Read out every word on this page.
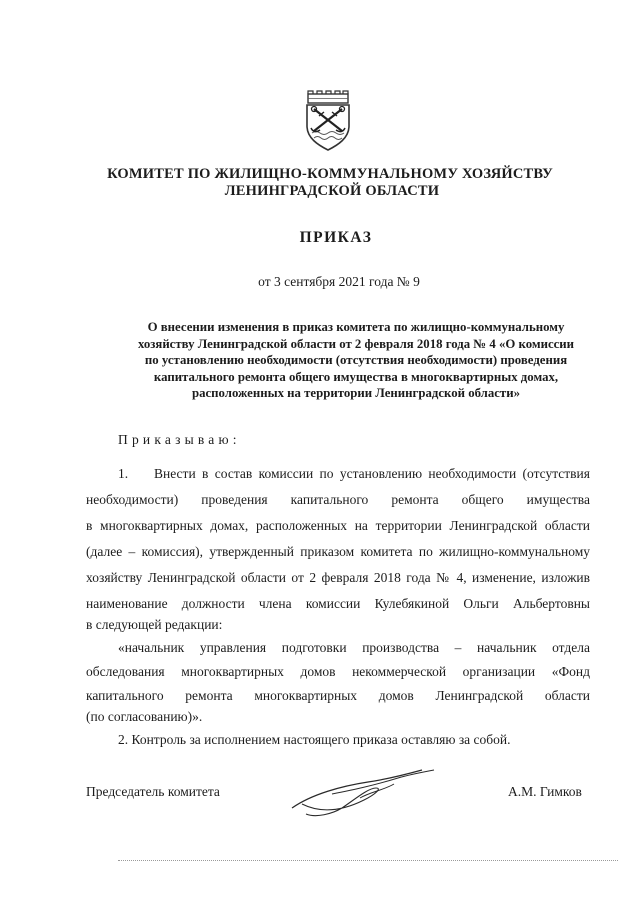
КОМИТЕТ ПО ЖИЛИЩНО-КОММУНАЛЬНОМУ ХОЗЯЙСТВУ
ЛЕНИНГРАДСКОЙ ОБЛАСТИ
ПРИКАЗ
от 3 сентября 2021 года № 9
О внесении изменения в приказ комитета по жилищно-коммунальному
хозяйству Ленинградской области от 2 февраля 2018 года № 4 «О комиссии
по установлению необходимости (отсутствия необходимости) проведения
капитального ремонта общего имущества в многоквартирных домах,
расположенных на территории Ленинградской области»
Приказываю:
1. Внести в состав комиссии по установлению необходимости (отсутствия
необходимости) проведения капитального ремонта общего имущества
в многоквартирных домах, расположенных на территории Ленинградской области
(далее – комиссия), утвержденный приказом комитета по жилищно-коммунальному
хозяйству Ленинградской области от 2 февраля 2018 года № 4, изменение, изложив
наименование должности члена комиссии Кулебякиной Ольги Альбертовны
в следующей редакции:
«начальник управления подготовки производства – начальник отдела
обследования многоквартирных домов некоммерческой организации «Фонд
капитального ремонта многоквартирных домов Ленинградской области
(по согласованию)».
2. Контроль за исполнением настоящего приказа оставляю за собой.
Председатель комитета	А.М. Гимков
